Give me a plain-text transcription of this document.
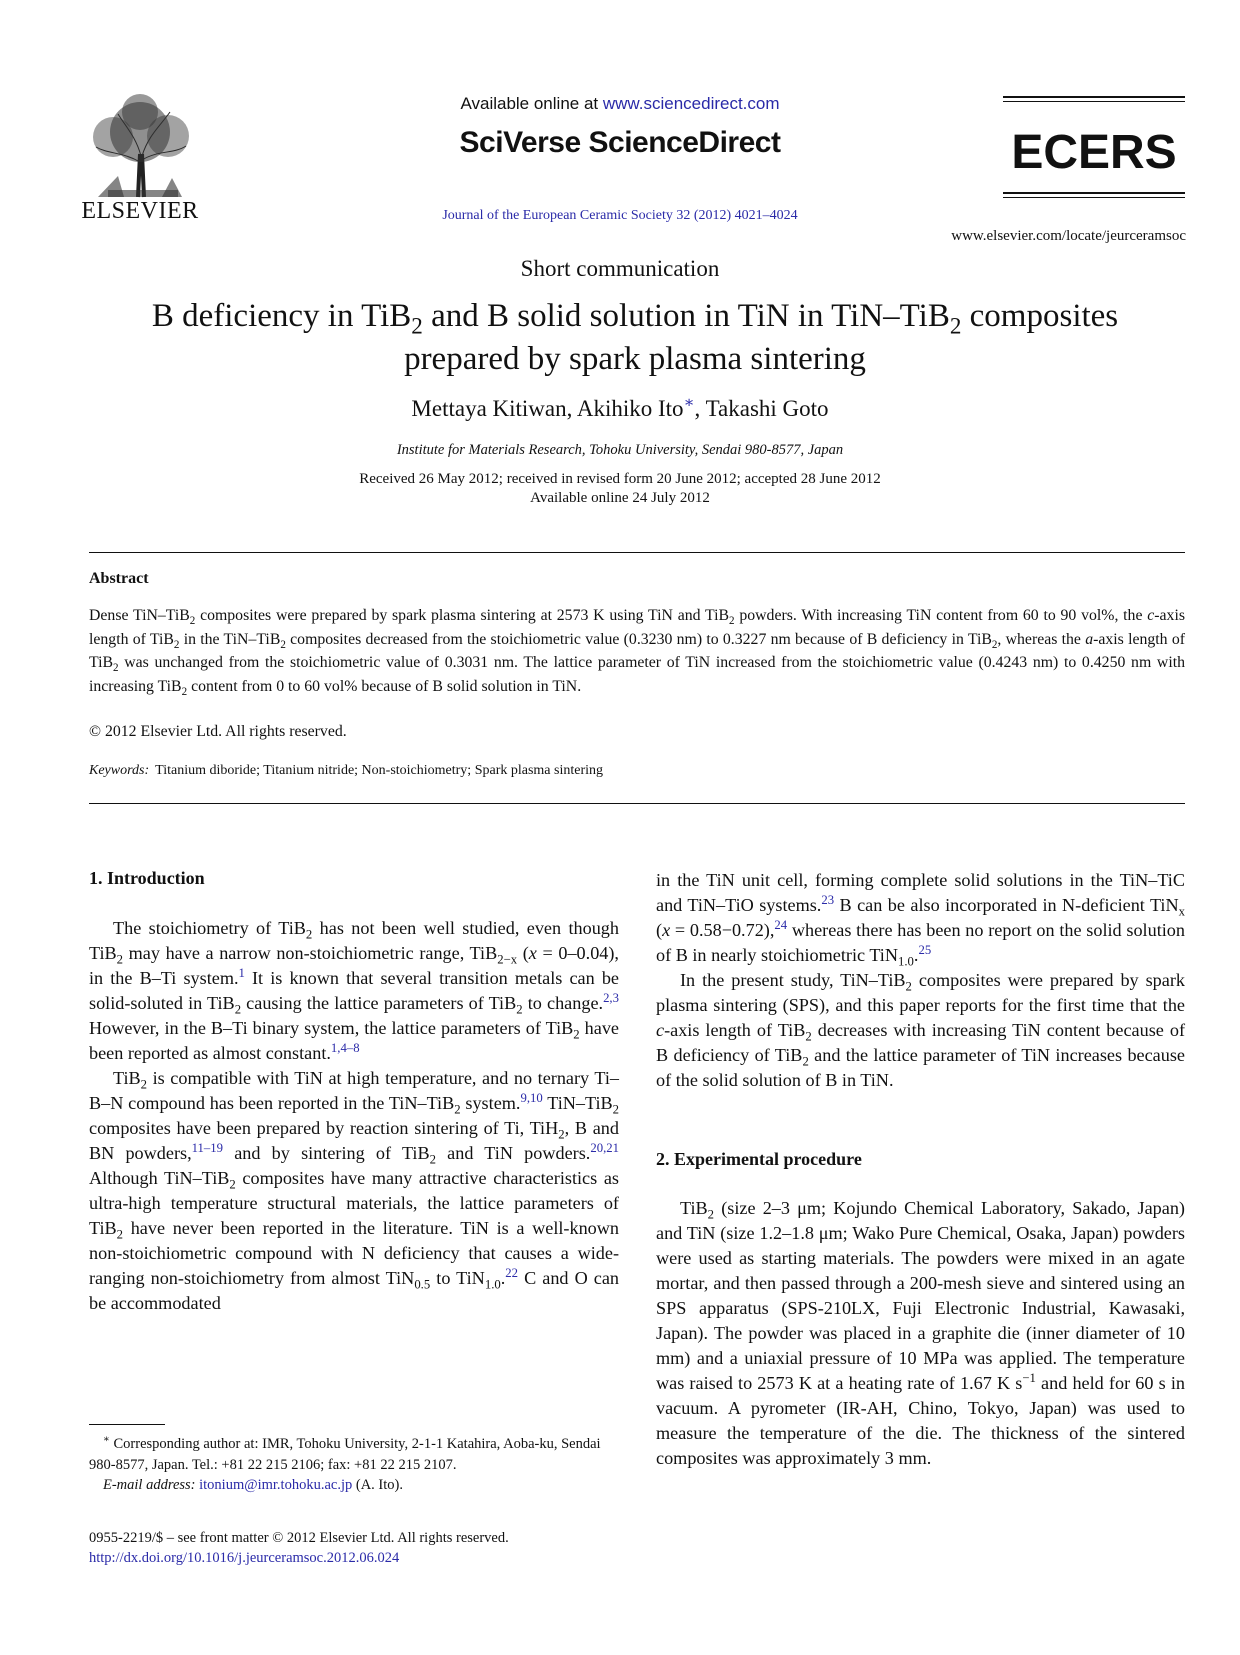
ELSEVIER
Available online at www.sciencedirect.com
SciVerse ScienceDirect
Journal of the European Ceramic Society 32 (2012) 4021–4024
ECERS
www.elsevier.com/locate/jeurceramsoc
Short communication
B deficiency in TiB$_2$ and B solid solution in TiN in TiN–TiB$_2$ composites
prepared by spark plasma sintering
Mettaya Kitiwan, Akihiko Ito∗, Takashi Goto
Institute for Materials Research, Tohoku University, Sendai 980-8577, Japan
Received 26 May 2012; received in revised form 20 June 2012; accepted 28 June 2012
Available online 24 July 2012
Abstract
Dense TiN–TiB$_2$ composites were prepared by spark plasma sintering at 2573 K using TiN and TiB$_2$ powders. With increasing TiN content from 60 to 90 vol%, the c-axis length of TiB$_2$ in the TiN–TiB$_2$ composites decreased from the stoichiometric value (0.3230 nm) to 0.3227 nm because of B deficiency in TiB$_2$, whereas the a-axis length of TiB$_2$ was unchanged from the stoichiometric value of 0.3031 nm. The lattice parameter of TiN increased from the stoichiometric value (0.4243 nm) to 0.4250 nm with increasing TiB$_2$ content from 0 to 60 vol% because of B solid solution in TiN.
© 2012 Elsevier Ltd. All rights reserved.
Keywords: Titanium diboride; Titanium nitride; Non-stoichiometry; Spark plasma sintering
1. Introduction

The stoichiometry of TiB$_2$ has not been well studied, even though TiB$_2$ may have a narrow non-stoichiometric range, TiB$_{2-x}$ (x = 0–0.04), in the B–Ti system.$^1$ It is known that several transition metals can be solid-soluted in TiB$_2$ causing the lattice parameters of TiB$_2$ to change.$^{2,3}$ However, in the B–Ti binary system, the lattice parameters of TiB$_2$ have been reported as almost constant.$^{1,4-8}$

TiB$_2$ is compatible with TiN at high temperature, and no ternary Ti–B–N compound has been reported in the TiN–TiB$_2$ system.$^{9,10}$ TiN–TiB$_2$ composites have been prepared by reaction sintering of Ti, TiH$_2$, B and BN powders,$^{11-19}$ and by sintering of TiB$_2$ and TiN powders.$^{20,21}$ Although TiN–TiB$_2$ composites have many attractive characteristics as ultra-high temperature structural materials, the lattice parameters of TiB$_2$ have never been reported in the literature. TiN is a well-known non-stoichiometric compound with N deficiency that causes a wide-ranging non-stoichiometry from almost TiN$_{0.5}$ to TiN$_{1.0}$.$^{22}$ C and O can be accommodated

∗ Corresponding author at: IMR, Tohoku University, 2-1-1 Katahira, Aoba-ku, Sendai 980-8577, Japan. Tel.: +81 22 215 2106; fax: +81 22 215 2107.

E-mail address: itonium@imr.tohoku.ac.jp (A. Ito).

0955-2219/$ – see front matter © 2012 Elsevier Ltd. All rights reserved.
http://dx.doi.org/10.1016/j.jeurceramsoc.2012.06.024

in the TiN unit cell, forming complete solid solutions in the TiN–TiC and TiN–TiO systems.$^{23}$ B can be also incorporated in N-deficient TiN$_x$ (x = 0.58−0.72),$^{24}$ whereas there has been no report on the solid solution of B in nearly stoichiometric TiN$_{1.0}$.$^{25}$

In the present study, TiN–TiB$_2$ composites were prepared by spark plasma sintering (SPS), and this paper reports for the first time that the c-axis length of TiB$_2$ decreases with increasing TiN content because of B deficiency of TiB$_2$ and the lattice parameter of TiN increases because of the solid solution of B in TiN.

2. Experimental procedure

TiB$_2$ (size 2–3 μm; Kojundo Chemical Laboratory, Sakado, Japan) and TiN (size 1.2–1.8 μm; Wako Pure Chemical, Osaka, Japan) powders were used as starting materials. The powders were mixed in an agate mortar, and then passed through a 200-mesh sieve and sintered using an SPS apparatus (SPS-210LX, Fuji Electronic Industrial, Kawasaki, Japan). The powder was placed in a graphite die (inner diameter of 10 mm) and a uniaxial pressure of 10 MPa was applied. The temperature was raised to 2573 K at a heating rate of 1.67 K $s^{-1}$ and held for 60 s in vacuum. A pyrometer (IR-AH, Chino, Tokyo, Japan) was used to measure the temperature of the die. The thickness of the sintered composites was approximately 3 mm.
